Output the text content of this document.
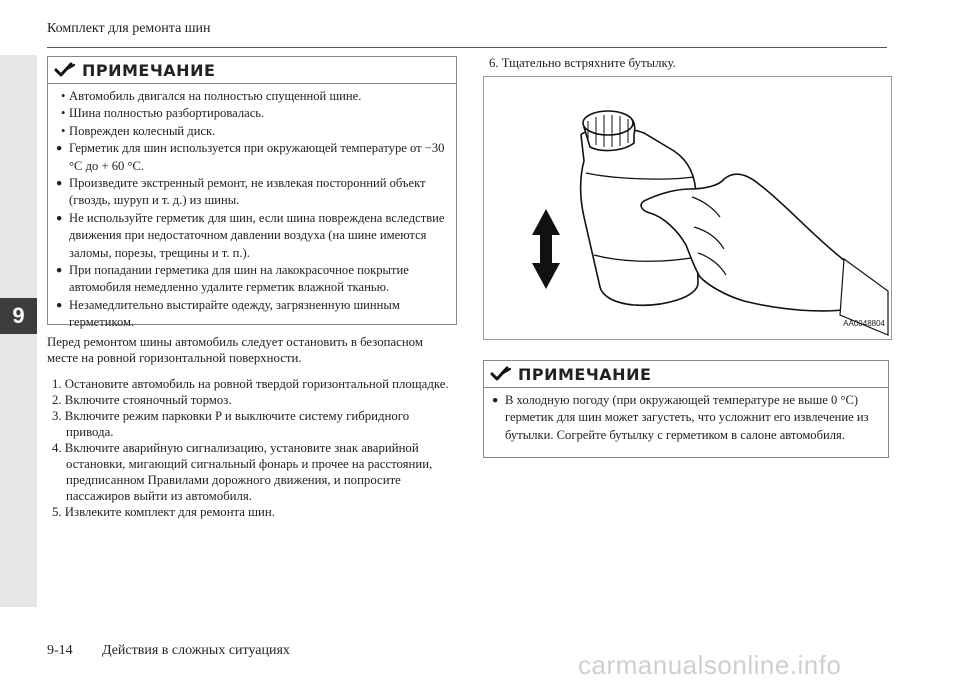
9
Комплект для ремонта шин
ПРИМЕЧАНИЕ
• Автомобиль двигался на полностью спущенной шине.
• Шина полностью разбортировалась.
• Поврежден колесный диск.
● Герметик для шин используется при окружающей температуре от −30 °C до + 60 °C.
● Произведите экстренный ремонт, не извлекая посторонний объект (гвоздь, шуруп и т. д.) из шины.
● Не используйте герметик для шин, если шина повреждена вследствие движения при недостаточном давлении воздуха (на шине имеются заломы, порезы, трещины и т. п.).
● При попадании герметика для шин на лакокрасочное покрытие автомобиля немедленно удалите герметик влажной тканью.
● Незамедлительно выстирайте одежду, загрязненную шинным герметиком.
Перед ремонтом шины автомобиль следует остановить в безопасном месте на ровной горизонтальной поверхности.
1. Остановите автомобиль на ровной твердой горизонтальной площадке.
2. Включите стояночный тормоз.
3. Включите режим парковки P и выключите систему гибридного привода.
4. Включите аварийную сигнализацию, установите знак аварийной остановки, мигающий сигнальный фонарь и прочее на расстоянии, предписанном Правилами дорожного движения, и попросите пассажиров выйти из автомобиля.
5. Извлеките комплект для ремонта шин.
6. Тщательно встряхните бутылку.
AA0048804
ПРИМЕЧАНИЕ
● В холодную погоду (при окружающей температуре не выше 0 °C) герметик для шин может загустеть, что усложнит его извлечение из бутылки. Согрейте бутылку с герметиком в салоне автомобиля.
9-14 Действия в сложных ситуациях	carmanualsonline.info
